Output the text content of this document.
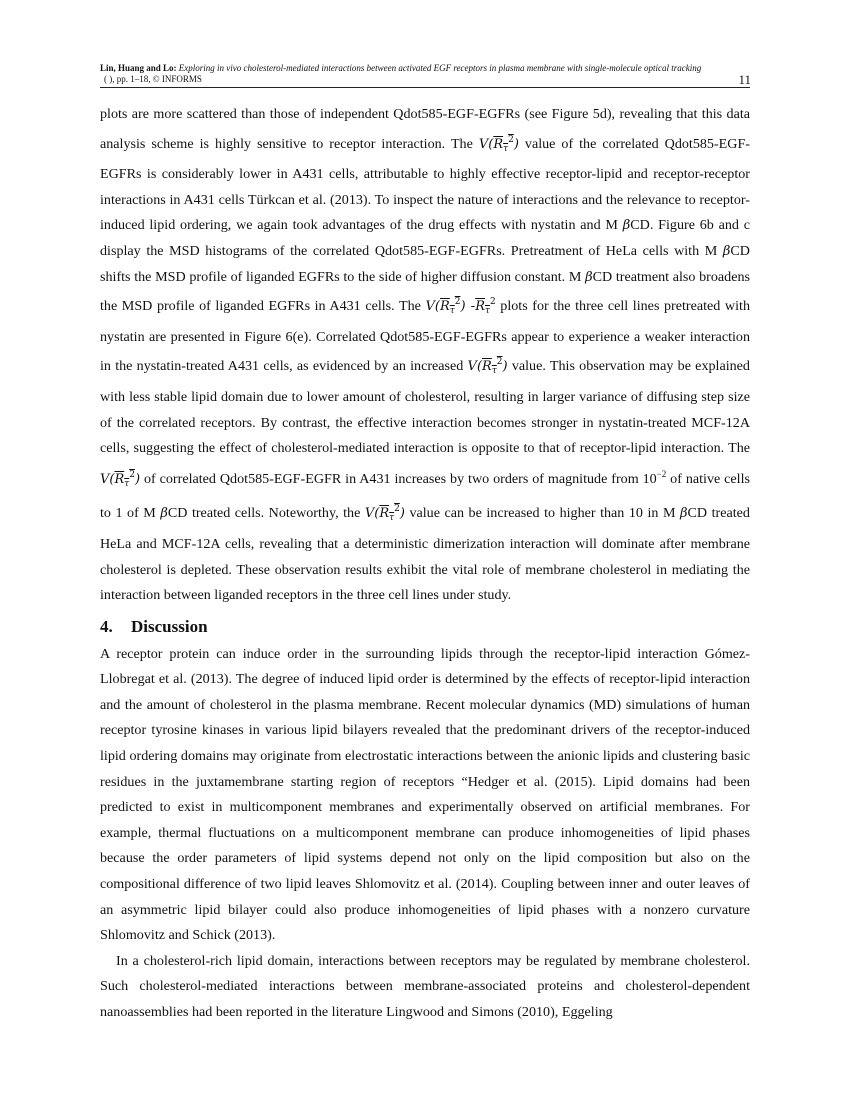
Lin, Huang and Lo: Exploring in vivo cholesterol-mediated interactions between activated EGF receptors in plasma membrane with single-molecule optical tracking
( ), pp. 1–18, © INFORMS	11

plots are more scattered than those of independent Qdot585-EGF-EGFRs (see Figure 5d), revealing that this data analysis scheme is highly sensitive to receptor interaction. The $V(R_\tau^2)$ value of the correlated Qdot585-EGF-EGFRs is considerably lower in A431 cells, attributable to highly effective receptor-lipid and receptor-receptor interactions in A431 cells Türkcan et al. (2013). To inspect the nature of interactions and the relevance to receptor-induced lipid ordering, we again took advantages of the drug effects with nystatin and M βCD. Figure 6b and c display the MSD histograms of the correlated Qdot585-EGF-EGFRs. Pretreatment of HeLa cells with M βCD shifts the MSD profile of liganded EGFRs to the side of higher diffusion constant. M βCD treatment also broadens the MSD profile of liganded EGFRs in A431 cells. The $V(R_\tau^2)$ $-R_\tau^2$ plots for the three cell lines pretreated with nystatin are presented in Figure 6(e). Correlated Qdot585-EGF-EGFRs appear to experience a weaker interaction in the nystatin-treated A431 cells, as evidenced by an increased $V(R_\tau^2)$ value. This observation may be explained with less stable lipid domain due to lower amount of cholesterol, resulting in larger variance of diffusing step size of the correlated receptors. By contrast, the effective interaction becomes stronger in nystatin-treated MCF-12A cells, suggesting the effect of cholesterol-mediated interaction is opposite to that of receptor-lipid interaction. The $V(R_\tau^2)$ of correlated Qdot585-EGF-EGFR in A431 increases by two orders of magnitude from $10^{-2}$ of native cells to 1 of M βCD treated cells. Noteworthy, the $V(R_\tau^2)$ value can be increased to higher than 10 in M βCD treated HeLa and MCF-12A cells, revealing that a deterministic dimerization interaction will dominate after membrane cholesterol is depleted. These observation results exhibit the vital role of membrane cholesterol in mediating the interaction between liganded receptors in the three cell lines under study.

4. Discussion

A receptor protein can induce order in the surrounding lipids through the receptor-lipid interaction Gómez-Llobregat et al. (2013). The degree of induced lipid order is determined by the effects of receptor-lipid interaction and the amount of cholesterol in the plasma membrane. Recent molecular dynamics (MD) simulations of human receptor tyrosine kinases in various lipid bilayers revealed that the predominant drivers of the receptor-induced lipid ordering domains may originate from electrostatic interactions between the anionic lipids and clustering basic residues in the juxtamembrane starting region of receptors “Hedger et al. (2015). Lipid domains had been predicted to exist in multicomponent membranes and experimentally observed on artificial membranes. For example, thermal fluctuations on a multicomponent membrane can produce inhomogeneities of lipid phases because the order parameters of lipid systems depend not only on the lipid composition but also on the compositional difference of two lipid leaves Shlomovitz et al. (2014). Coupling between inner and outer leaves of an asymmetric lipid bilayer could also produce inhomogeneities of lipid phases with a nonzero curvature Shlomovitz and Schick (2013).

In a cholesterol-rich lipid domain, interactions between receptors may be regulated by membrane cholesterol. Such cholesterol-mediated interactions between membrane-associated proteins and cholesterol-dependent nanoassemblies had been reported in the literature Lingwood and Simons (2010), Eggeling
